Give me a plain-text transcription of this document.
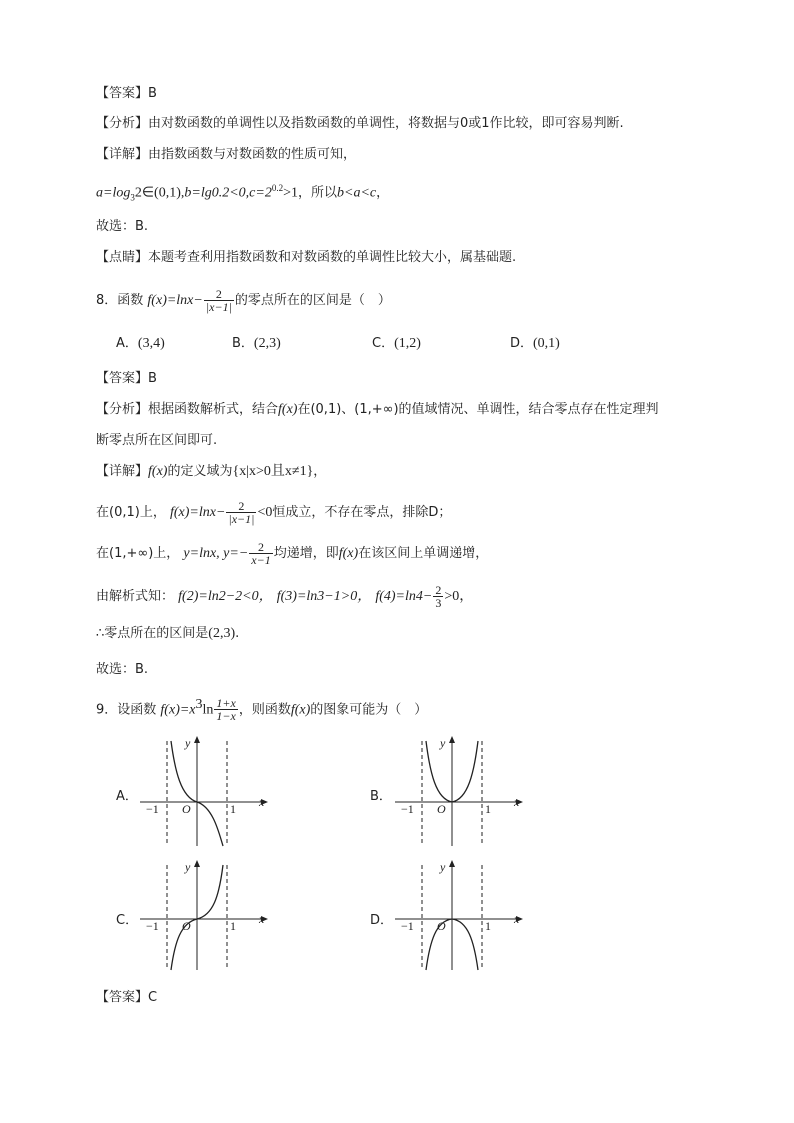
【答案】B
【分析】由对数函数的单调性以及指数函数的单调性，将数据与0或1作比较，即可容易判断.
【详解】由指数函数与对数函数的性质可知，
$a=\log_32\in(0,1),b=\lg 0.2<0,c=2^{0.2}>1$，所以b<a<c，
故选：B.
【点睛】本题考查利用指数函数和对数函数的单调性比较大小，属基础题.
8．函数 $f(x)=\ln x- \frac{2}{|x-1|}$ 的零点所在的区间是（　）
A．(3,4)	B．(2,3)	C．(1,2)	D．(0,1)
【答案】B
【分析】根据函数解析式，结合f(x)在(0,1)、(1,+∞)的值域情况、单调性，结合零点存在性定理判
断零点所在区间即可.
【详解】f(x)的定义域为{x|x>0且x≠1}，
在(0,1)上， $f(x)=\ln x- \frac{2}{|x-1|} <0$恒成立，不存在零点，排除D；
在(1,+∞)上， y=lnx, $y=- \frac{2}{x-1}$ 均递增，即f(x)在该区间上单调递增，
由解析式知： f(2)=ln2−2<0， f(3)=ln3−1>0， $f(4)=\ln 4- \frac{2}{3} >0$，
∴零点所在的区间是(2,3).
故选：B.
9．设函数 $f(x)=x^3\ln \frac{1+x}{1-x}$ ，则函数f(x)的图象可能为（　）
A．	B．
C．	D．
y
x
O
−1	1
y
x
O
−1	1
y
x
O
−1	1
y
x
O
−1	1
【答案】C
